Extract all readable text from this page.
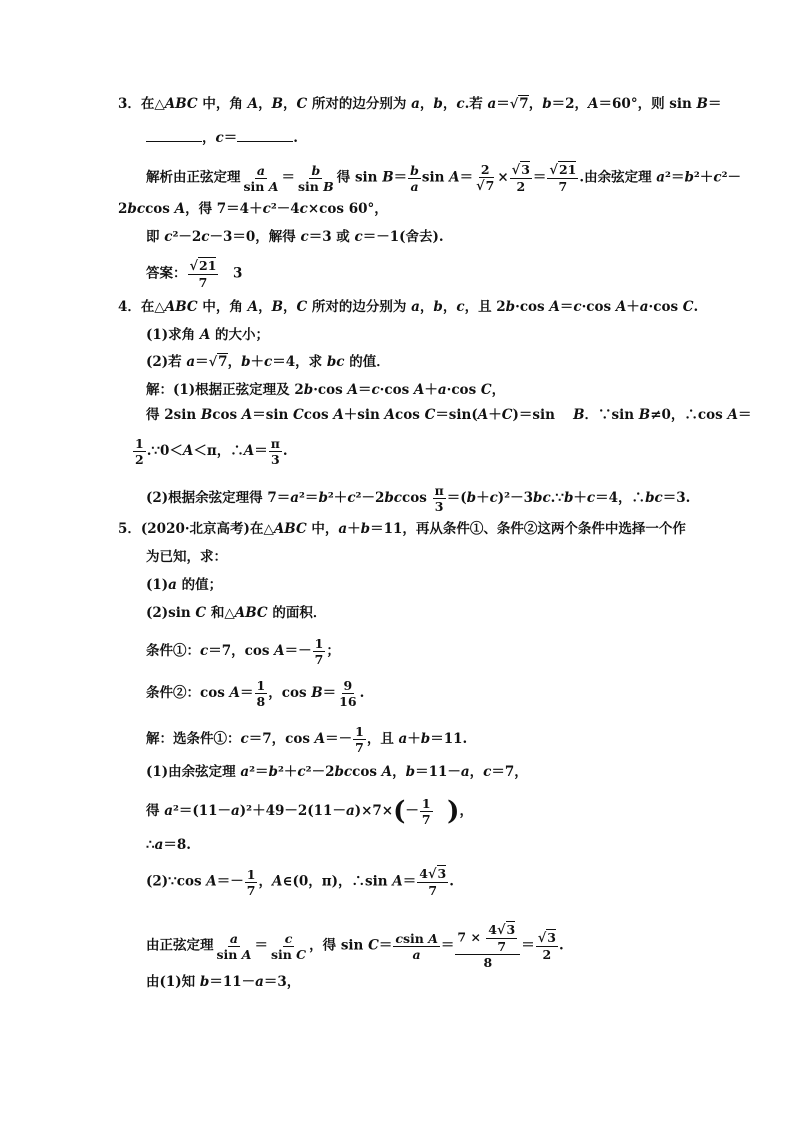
3．在△ABC 中，角 A，B，C 所对的边分别为 a，b，c.若 a＝√7，b＝2，A＝60°，则 sin B＝
，c＝	.
解析由正弦定理 $\frac{a}{\text{sin A}} = \frac{b}{\text{sin B}}$ 得 $\sin B= \frac{b}{a}$ $\sin A= \frac{2}{√7} \times \frac{√3}{2} = \frac{√21}{7}$ .由余弦定理 a²＝b²＋c²－
2bccos A，得 7＝4＋c²－4c×cos 60°，
即 c²－2c－3＝0，解得 c＝3 或 c＝－1(舍去).
答案： $\frac{√21}{7}$ 　3
4．在△ABC 中，角 A，B，C 所对的边分别为 a，b，c，且 2b·cos A＝c·cos A＋a·cos C.
(1)求角 A 的大小；
(2)若 a＝√7，b＋c＝4，求 bc 的值．
解：(1)根据正弦定理及 2b·cos A＝c·cos A＋a·cos C，
得 2sin Bcos A＝sin Ccos A＋sin Acos C＝sin(A＋C)＝sin　 B．∵sin B≠0，∴cos A＝
$\frac{1}{2}$ .∵0＜A＜π，∴A＝ $\frac{\pi}{3}$ .
(2)根据余弦定理得 $7=a^2=b^2+c^2-2bccos \frac{\pi}{3}$ ＝(b＋c)²－3bc.∵b＋c＝4，∴bc＝3.
5．(2020·北京高考)在△ABC 中，a＋b＝11，再从条件①、条件②这两个条件中选择一个作
为已知，求：
(1)a 的值；
(2)sin C 和△ABC 的面积．
条件①：c＝7，$\cos A=- \frac{1}{7}$ ；
条件②：$\cos A= \frac{1}{8}$ ，$\cos B= \frac{9}{16}$ .
解：选条件①：c＝7，$\cos A=- \frac{1}{7}$ ，且 a＋b＝11.
(1)由余弦定理 a²＝b²＋c²－2bccos A，b＝11－a，c＝7，
得 $a^2=(11-a)^2+49-2(11-a)\times 7\times(- \frac{1}{7}$
　 )，
∴a＝8.
(2)∵cos $A=- \frac{1}{7}$ ，A∈(0，π)，∴sin $A= \frac{4√3}{7}$ .
由正弦定理 $\frac{a}{\text{sin A}} = \frac{c}{\text{sin C}}$ ，得 $\sin C= \frac{\text{csin A}}{a} = \frac{7 \times \frac{4√3}{7}}{8} = \frac{√3}{2}$ .
由(1)知 b＝11－a＝3，
